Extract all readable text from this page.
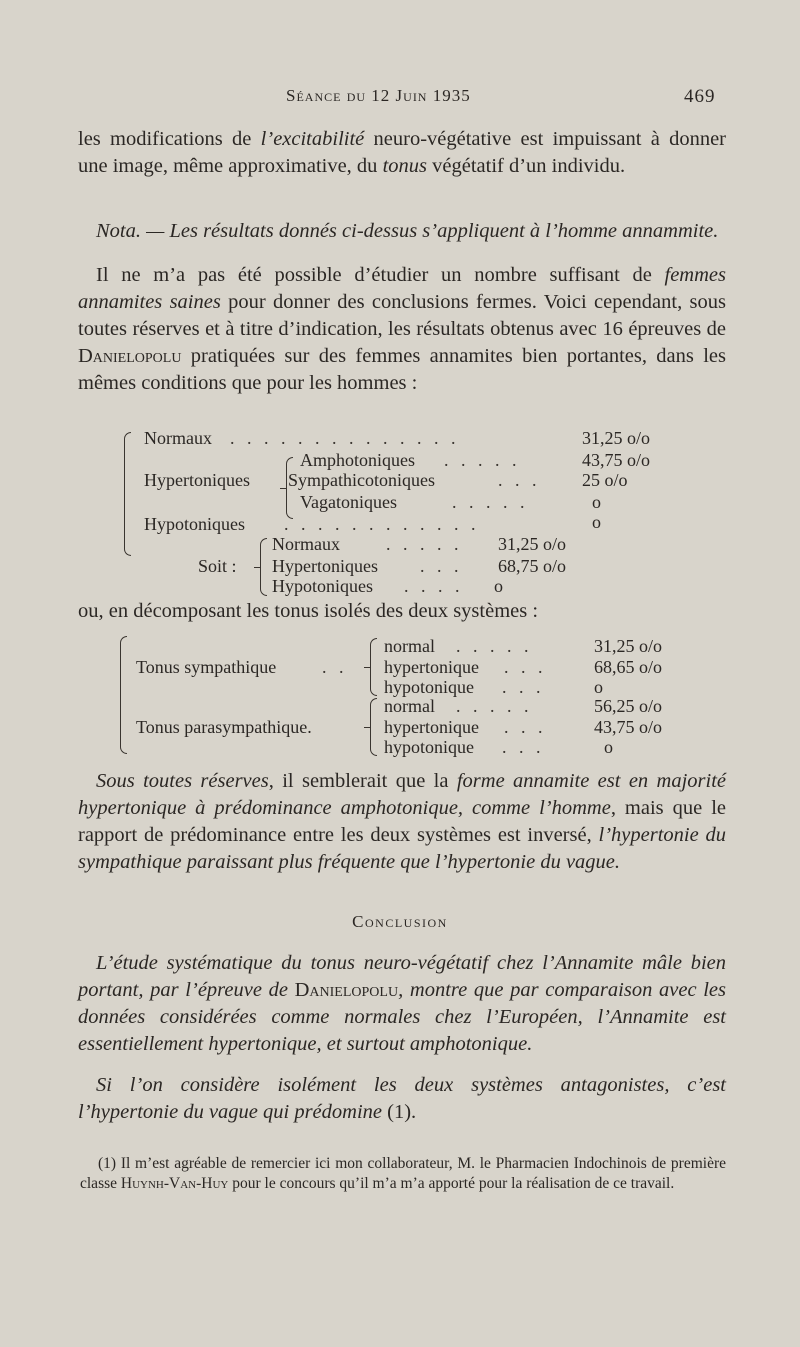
Séance du 12 Juin 1935	469

les modifications de l’excitabilité neuro-végétative est impuissant à donner une image, même approximative, du tonus végétatif d’un individu.

Nota. — Les résultats donnés ci-dessus s’appliquent à l’homme annammite.

Il ne m’a pas été possible d’étudier un nombre suffisant de femmes annamites saines pour donner des conclusions fermes. Voici cependant, sous toutes réserves et à titre d’indication, les résultats obtenus avec 16 épreuves de Danielopolu pratiquées sur des femmes annamites bien portantes, dans les mêmes conditions que pour les hommes :

Normaux . . . . . . . . . . . . . .	31,25 o/o
Hypertoniques
Amphotoniques . . . . .	43,75 o/o
Sympathicotoniques	. . . 25 o/o
Vagatoniques	. . . . .	o
Hypotoniques . . . . . . . . . . . .	o
Soit :
Normaux	. . . . . 31,25 o/o
Hypertoniques . . . 68,75 o/o
Hypotoniques . . . . o

ou, en décomposant les tonus isolés des deux systèmes :

Tonus sympathique	. .
normal . . . . .	31,25 o/o
hypertonique . . .	68,65 o/o
hypotonique . . .	o
Tonus parasympathique.
normal . . . . .	56,25 o/o
hypertonique . . .	43,75 o/o
hypotonique . . .	o

Sous toutes réserves, il semblerait que la forme annamite est en majorité hypertonique à prédominance amphotonique, comme l’homme, mais que le rapport de prédominance entre les deux systèmes est inversé, l’hypertonie du sympathique paraissant plus fréquente que l’hypertonie du vague.

Conclusion

L’étude systématique du tonus neuro-végétatif chez l’Annamite mâle bien portant, par l’épreuve de Danielopolu, montre que par comparaison avec les données considérées comme normales chez l’Européen, l’Annamite est essentiellement hypertonique, et surtout amphotonique.

Si l’on considère isolément les deux systèmes antagonistes, c’est l’hypertonie du vague qui prédomine (1).

(1) Il m’est agréable de remercier ici mon collaborateur, M. le Pharmacien Indochinois de première classe Huynh-Van-Huy pour le concours qu’il m’a m’a apporté pour la réalisation de ce travail.
